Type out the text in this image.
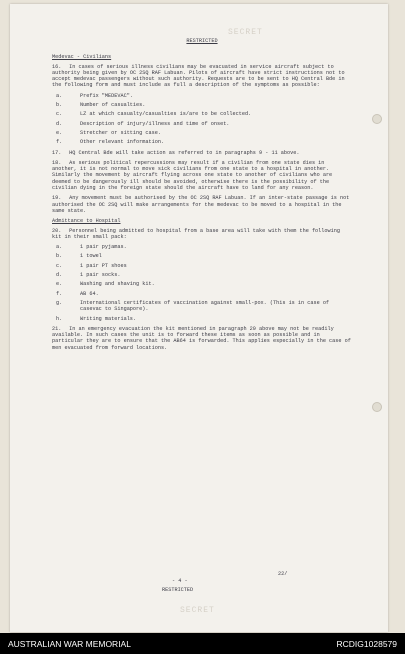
SECRET
SECRET
RESTRICTED
Medevac - Civilians
16. In cases of serious illness civilians may be evacuated in service aircraft subject to authority being given by OC 2SQ RAF Labuan. Pilots of aircraft have strict instructions not to accept medevac passengers without such authority. Requests are to be sent to HQ Central Bde in the following form and must include as full a description of the symptoms as possible:
a.	Prefix "MEDEVAC".
b.	Number of casualties.
c.	LZ at which casualty/casualties is/are to be collected.
d.	Description of injury/illness and time of onset.
e.	Stretcher or sitting case.
f.	Other relevant information.
17. HQ Central Bde will take action as referred to in paragraphs 9 - 11 above.
18. As serious political repercussions may result if a civilian from one state dies in another, it is not normal to move sick civilians from one state to a hospital in another. Similarly the movement by aircraft flying across one state to another of civilians who are deemed to be dangerously ill should be avoided, otherwise there is the possibility of the civilian dying in the foreign state should the aircraft have to land for any reason.
19. Any movement must be authorised by the OC 2SQ RAF Labuan. If an inter-state passage is not authorised the OC 2SQ will make arrangements for the medevac to be moved to a hospital in the same state.
Admittance to Hospital
20. Personnel being admitted to hospital from a base area will take with them the following kit in their small pack:
a.	1 pair pyjamas.
b.	1 towel
c.	1 pair PT shoes
d.	1 pair socks.
e.	Washing and shaving kit.
f.	AB 64.
g.	International certificates of vaccination against small-pox. (This is in case of casevac to Singapore).
h.	Writing materials.
21. In an emergency evacuation the kit mentioned in paragraph 20 above may not be readily available. In such cases the unit is to forward these items as soon as possible and in particular they are to ensure that the AB64 is forwarded. This applies especially in the case of men evacuated from forward locations.
22/
- 4 -
RESTRICTED
AUSTRALIAN WAR MEMORIAL	RCDIG1028579
